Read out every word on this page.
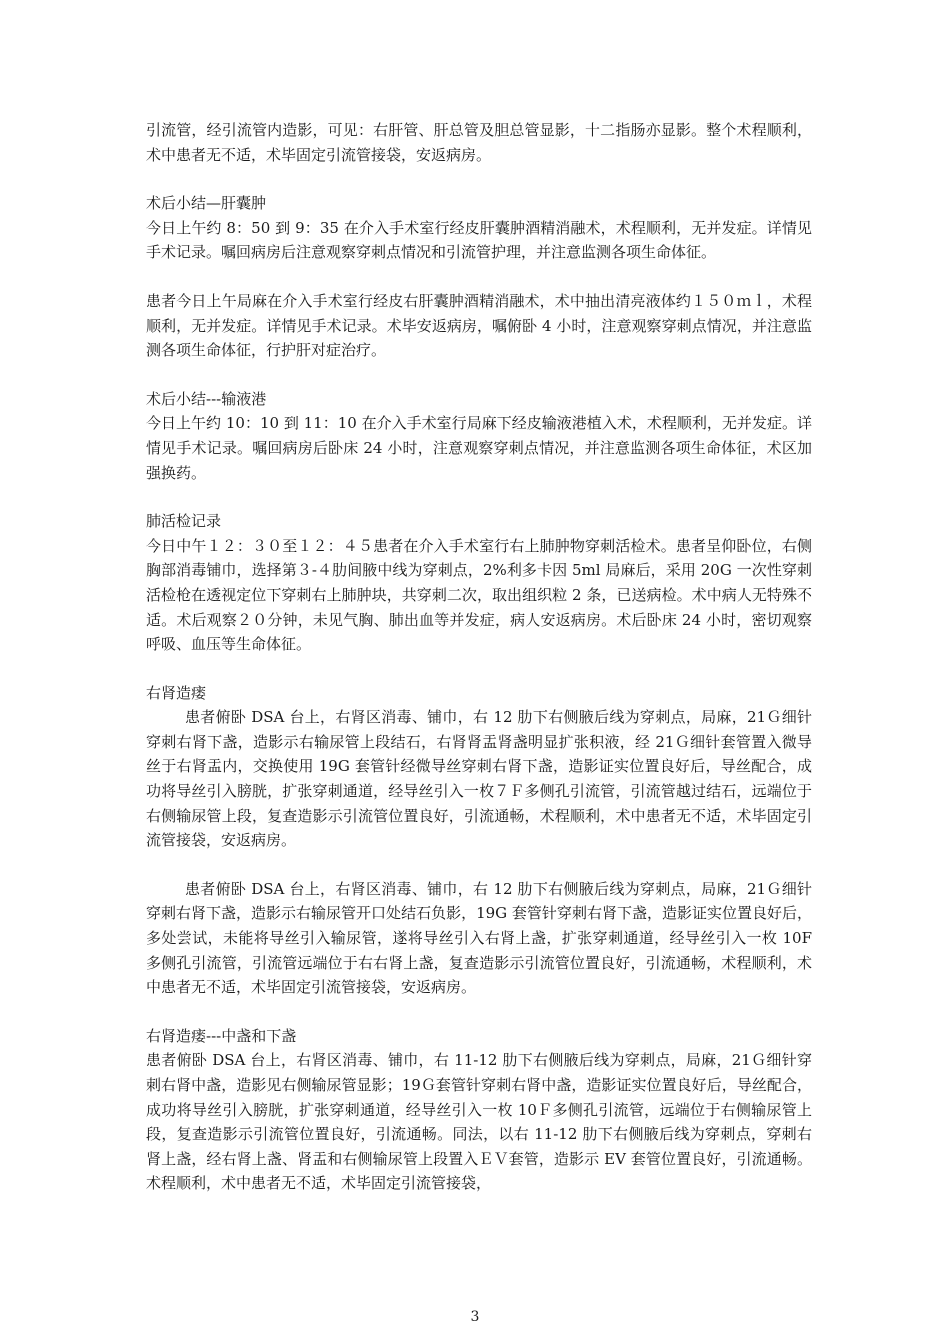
引流管，经引流管内造影，可见：右肝管、肝总管及胆总管显影，十二指肠亦显影。整个术程顺利，术中患者无不适，术毕固定引流管接袋，安返病房。

术后小结—肝囊肿

今日上午约 8：50 到 9：35 在介入手术室行经皮肝囊肿酒精消融术，术程顺利，无并发症。详情见手术记录。嘱回病房后注意观察穿刺点情况和引流管护理，并注意监测各项生命体征。

患者今日上午局麻在介入手术室行经皮右肝囊肿酒精消融术，术中抽出清亮液体约１５０ｍｌ，术程顺利，无并发症。详情见手术记录。术毕安返病房，嘱俯卧 4 小时，注意观察穿刺点情况，并注意监测各项生命体征，行护肝对症治疗。

术后小结---输液港

今日上午约 10：10 到 11：10 在介入手术室行局麻下经皮输液港植入术，术程顺利，无并发症。详情见手术记录。嘱回病房后卧床 24 小时，注意观察穿刺点情况，并注意监测各项生命体征，术区加强换药。

肺活检记录

今日中午１２：３０至１２：４５患者在介入手术室行右上肺肿物穿刺活检术。患者呈仰卧位，右侧胸部消毒铺巾，选择第３-４肋间腋中线为穿刺点，2%利多卡因 5ml 局麻后，采用 20G 一次性穿刺活检枪在透视定位下穿刺右上肺肿块，共穿刺二次，取出组织粒 2 条，已送病检。术中病人无特殊不适。术后观察２０分钟，未见气胸、肺出血等并发症，病人安返病房。术后卧床 24 小时，密切观察呼吸、血压等生命体征。

右肾造瘘

患者俯卧 DSA 台上，右肾区消毒、铺巾，右 12 肋下右侧腋后线为穿刺点，局麻，21Ｇ细针穿刺右肾下盏，造影示右输尿管上段结石，右肾肾盂肾盏明显扩张积液，经 21Ｇ细针套管置入微导丝于右肾盂内，交换使用 19G 套管针经微导丝穿刺右肾下盏，造影证实位置良好后，导丝配合，成功将导丝引入膀胱，扩张穿刺通道，经导丝引入一枚７Ｆ多侧孔引流管，引流管越过结石，远端位于右侧输尿管上段，复查造影示引流管位置良好，引流通畅，术程顺利，术中患者无不适，术毕固定引流管接袋，安返病房。

患者俯卧 DSA 台上，右肾区消毒、铺巾，右 12 肋下右侧腋后线为穿刺点，局麻，21Ｇ细针穿刺右肾下盏，造影示右输尿管开口处结石负影，19G 套管针穿刺右肾下盏，造影证实位置良好后，多处尝试，未能将导丝引入输尿管，遂将导丝引入右肾上盏，扩张穿刺通道，经导丝引入一枚 10F 多侧孔引流管，引流管远端位于右右肾上盏，复查造影示引流管位置良好，引流通畅，术程顺利，术中患者无不适，术毕固定引流管接袋，安返病房。

右肾造瘘---中盏和下盏

患者俯卧 DSA 台上，右肾区消毒、铺巾，右 11-12 肋下右侧腋后线为穿刺点，局麻，21Ｇ细针穿刺右肾中盏，造影见右侧输尿管显影；19Ｇ套管针穿刺右肾中盏，造影证实位置良好后，导丝配合，成功将导丝引入膀胱，扩张穿刺通道，经导丝引入一枚 10Ｆ多侧孔引流管，远端位于右侧输尿管上段，复查造影示引流管位置良好，引流通畅。同法，以右 11-12 肋下右侧腋后线为穿刺点，穿刺右肾上盏，经右肾上盏、肾盂和右侧输尿管上段置入ＥＶ套管，造影示 EV 套管位置良好，引流通畅。术程顺利，术中患者无不适，术毕固定引流管接袋，

3
